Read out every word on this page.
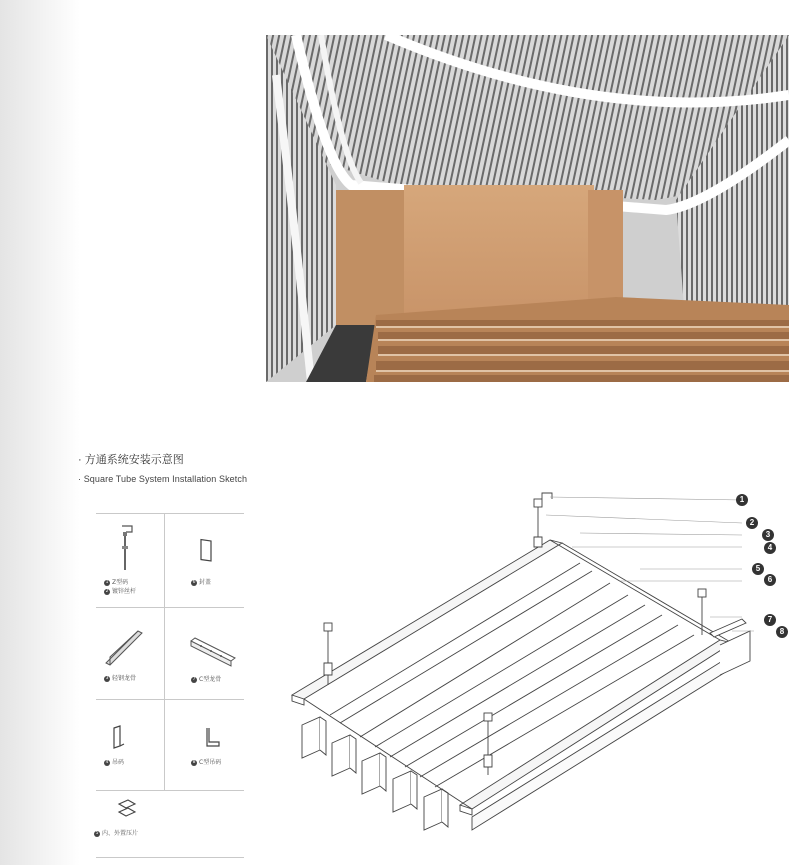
· 方通系统安装示意图
· Square Tube System Installation Sketch
1 Z型码
2 镀锌丝杆
6 封盖
3 轻钢龙骨	7 C型龙骨
4 吊码	8 C型吊码
5 内、外置压片
1
2
3
4
5
6
7
8
